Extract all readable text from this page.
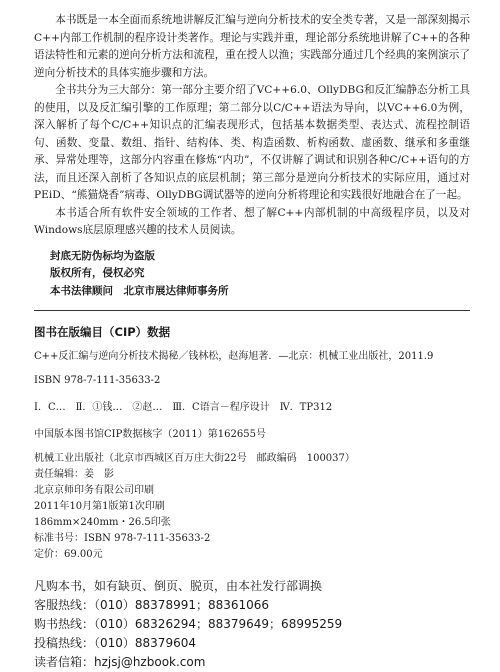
本书既是一本全面而系统地讲解反汇编与逆向分析技术的安全类专著，又是一部深刻揭示C++内部工作机制的程序设计类著作。理论与实践并重，理论部分系统地讲解了C++的各种语法特性和元素的逆向分析方法和流程，重在授人以渔；实践部分通过几个经典的案例演示了逆向分析技术的具体实施步骤和方法。

全书共分为三大部分：第一部分主要介绍了VC++6.0、OllyDBG和反汇编静态分析工具的使用，以及反汇编引擎的工作原理；第二部分以C/C++语法为导向，以VC++6.0为例，深入解析了每个C/C++知识点的汇编表现形式，包括基本数据类型、表达式、流程控制语句、函数、变量、数组、指针、结构体、类、构造函数、析构函数、虚函数、继承和多重继承、异常处理等，这部分内容重在修炼“内功”，不仅讲解了调试和识别各种C/C++语句的方法，而且还深入剖析了各知识点的底层机制；第三部分是逆向分析技术的实际应用，通过对PEiD、“熊猫烧香”病毒、OllyDBG调试器等的逆向分析将理论和实践很好地融合在了一起。

本书适合所有软件安全领域的工作者、想了解C++内部机制的中高级程序员，以及对Windows底层原理感兴趣的技术人员阅读。

封底无防伪标均为盗版
版权所有，侵权必究
本书法律顾问　北京市展达律师事务所
图书在版编目（CIP）数据
C++反汇编与逆向分析技术揭秘／钱林松，赵海旭著．—北京：机械工业出版社，2011.9
ISBN 978-7-111-35633-2
Ⅰ．C…　Ⅱ．①钱…　②赵…　Ⅲ．C语言－程序设计　Ⅳ．TP312
中国版本图书馆CIP数据核字（2011）第162655号
机械工业出版社（北京市西城区百万庄大街22号　邮政编码　100037）
责任编辑：姜　影
北京京师印务有限公司印刷
2011年10月第1版第1次印刷
186mm×240mm・26.5印张
标准书号：ISBN 978-7-111-35633-2
定价：69.00元
凡购本书，如有缺页、倒页、脱页，由本社发行部调换
客服热线：（010）88378991；88361066
购书热线：（010）68326294；88379649；68995259
投稿热线：（010）88379604
读者信箱：hzjsj@hzbook.com
